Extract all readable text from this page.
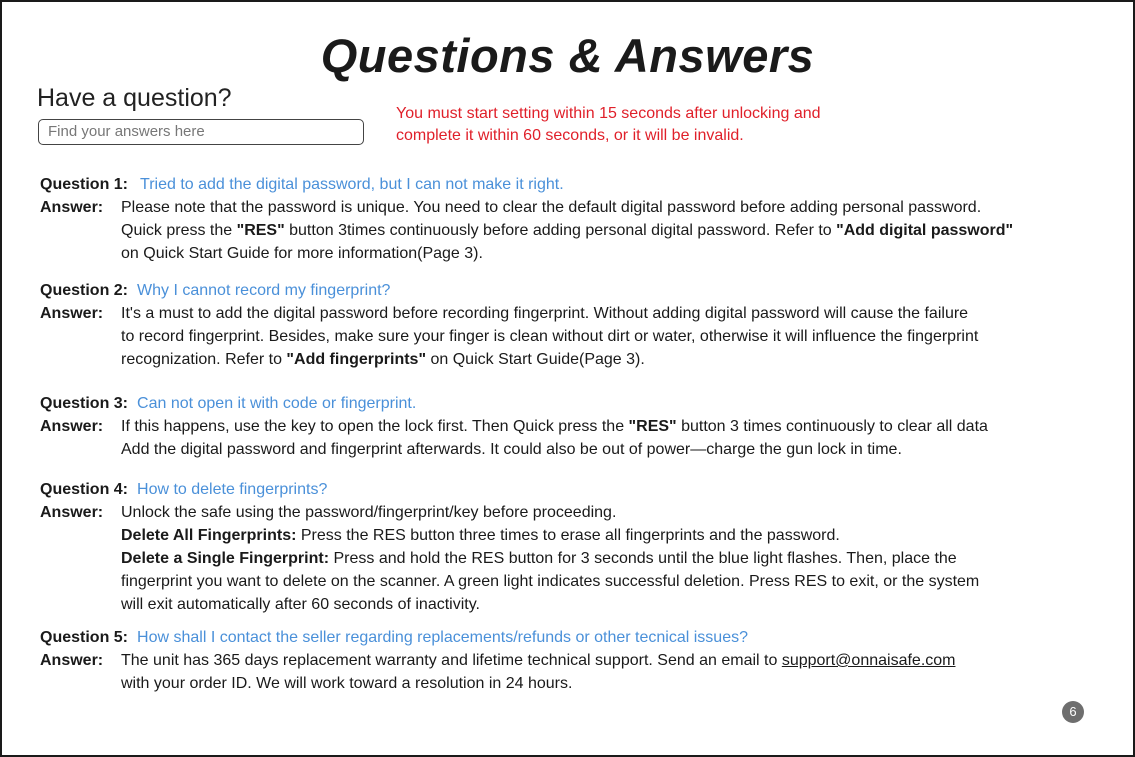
Questions & Answers
Have a question?
Find your answers here
You must start setting within 15 seconds after unlocking and
complete it within 60 seconds, or it will be invalid.
Question 1: Tried to add the digital password, but I can not make it right.
Answer:	Please note that the password is unique. You need to clear the default digital password before adding personal password.
Quick press the "RES" button 3times continuously before adding personal digital password. Refer to "Add digital password"
on Quick Start Guide for more information(Page 3).
Question 2: Why I cannot record my fingerprint?
Answer:	It's a must to add the digital password before recording fingerprint. Without adding digital password will cause the failure
to record fingerprint. Besides, make sure your finger is clean without dirt or water, otherwise it will influence the fingerprint
recognization. Refer to "Add fingerprints" on Quick Start Guide(Page 3).
Question 3: Can not open it with code or fingerprint.
Answer:	If this happens, use the key to open the lock first. Then Quick press the "RES" button 3 times continuously to clear all data
Add the digital password and fingerprint afterwards. It could also be out of power—charge the gun lock in time.
Question 4: How to delete fingerprints?
Answer:	Unlock the safe using the password/fingerprint/key before proceeding.
Delete All Fingerprints: Press the RES button three times to erase all fingerprints and the password.
Delete a Single Fingerprint: Press and hold the RES button for 3 seconds until the blue light flashes. Then, place the
fingerprint you want to delete on the scanner. A green light indicates successful deletion. Press RES to exit, or the system
will exit automatically after 60 seconds of inactivity.
Question 5: How shall I contact the seller regarding replacements/refunds or other tecnical issues?
Answer:	The unit has 365 days replacement warranty and lifetime technical support. Send an email to support@onnaisafe.com
with your order ID. We will work toward a resolution in 24 hours.
6
